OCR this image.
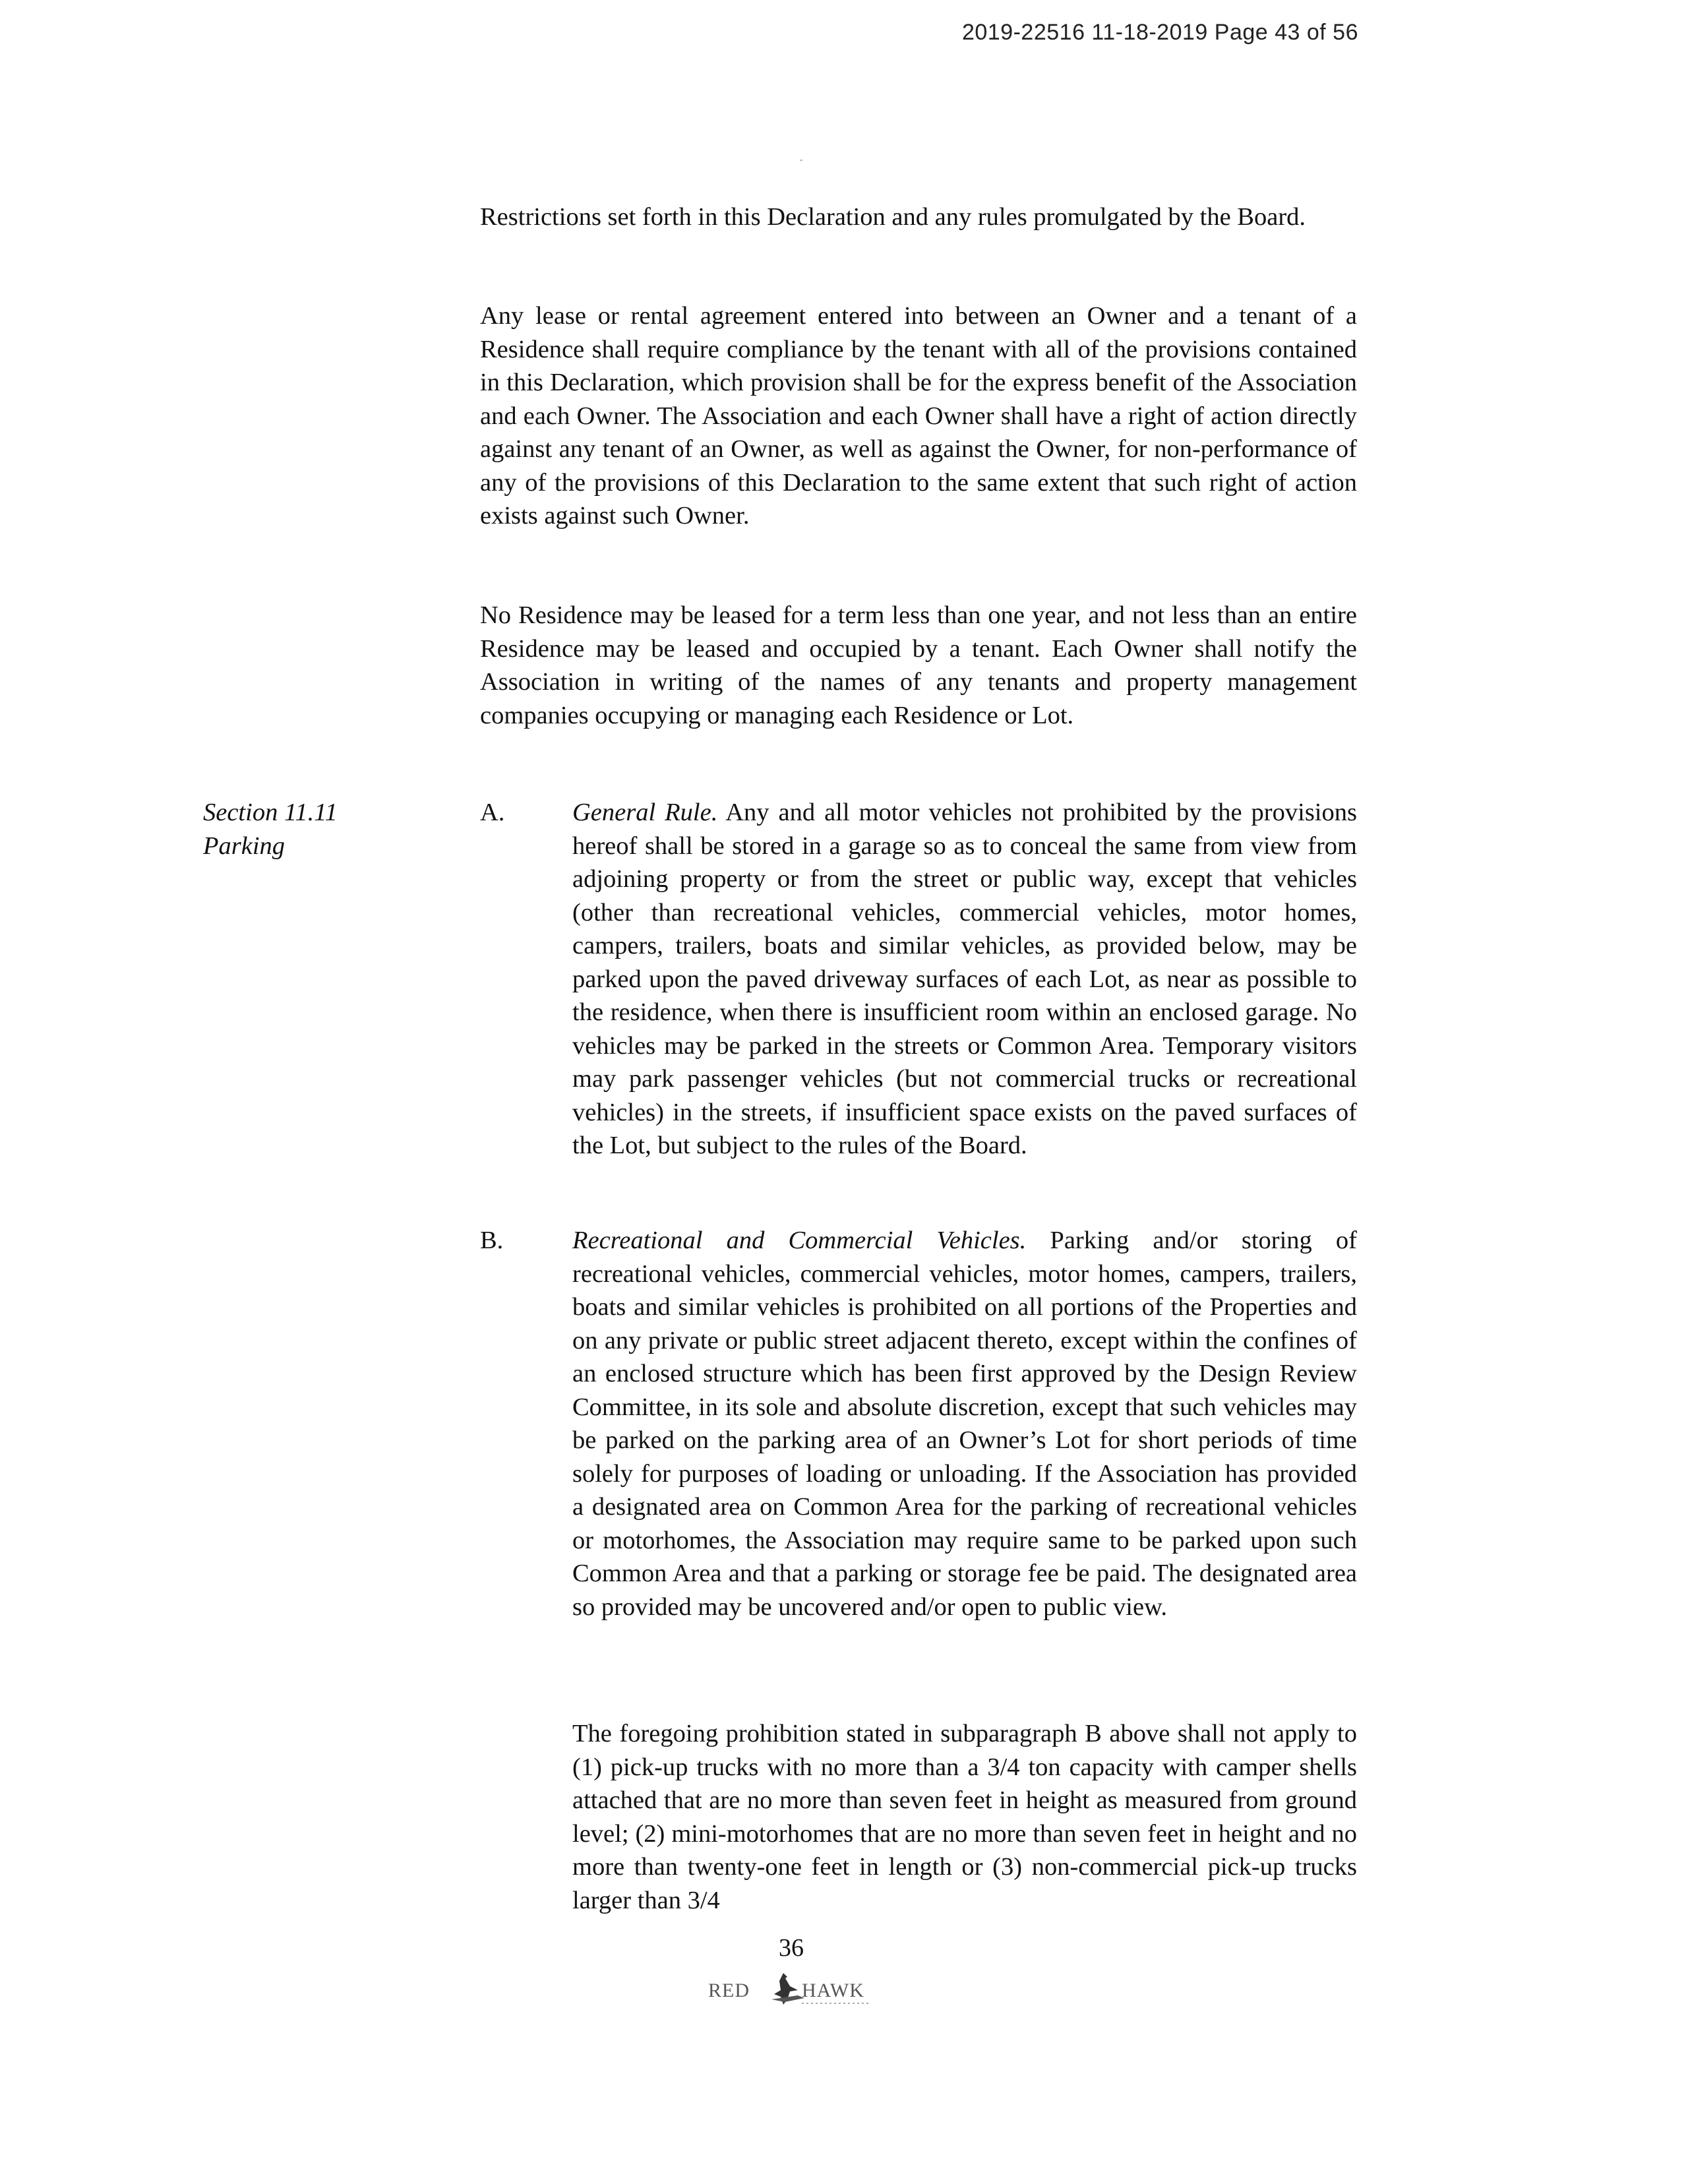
2019-22516 11-18-2019 Page 43 of 56

Restrictions set forth in this Declaration and any rules promulgated by the Board.

Any lease or rental agreement entered into between an Owner and a tenant of a Residence shall require compliance by the tenant with all of the provisions contained in this Declaration, which provision shall be for the express benefit of the Association and each Owner. The Association and each Owner shall have a right of action directly against any tenant of an Owner, as well as against the Owner, for non-performance of any of the provisions of this Declaration to the same extent that such right of action exists against such Owner.

No Residence may be leased for a term less than one year, and not less than an entire Residence may be leased and occupied by a tenant. Each Owner shall notify the Association in writing of the names of any tenants and property management companies occupying or managing each Residence or Lot.

Section 11.11
Parking
A.	General Rule. Any and all motor vehicles not prohibited by the provisions hereof shall be stored in a garage so as to conceal the same from view from adjoining property or from the street or public way, except that vehicles (other than recreational vehicles, commercial vehicles, motor homes, campers, trailers, boats and similar vehicles, as provided below, may be parked upon the paved driveway surfaces of each Lot, as near as possible to the residence, when there is insufficient room within an enclosed garage. No vehicles may be parked in the streets or Common Area. Temporary visitors may park passenger vehicles (but not commercial trucks or recreational vehicles) in the streets, if insufficient space exists on the paved surfaces of the Lot, but subject to the rules of the Board.

B.	Recreational and Commercial Vehicles. Parking and/or storing of recreational vehicles, commercial vehicles, motor homes, campers, trailers, boats and similar vehicles is prohibited on all portions of the Properties and on any private or public street adjacent thereto, except within the confines of an enclosed structure which has been first approved by the Design Review Committee, in its sole and absolute discretion, except that such vehicles may be parked on the parking area of an Owner’s Lot for short periods of time solely for purposes of loading or unloading. If the Association has provided a designated area on Common Area for the parking of recreational vehicles or motorhomes, the Association may require same to be parked upon such Common Area and that a parking or storage fee be paid. The designated area so provided may be uncovered and/or open to public view.

The foregoing prohibition stated in subparagraph B above shall not apply to (1) pick-up trucks with no more than a 3/4 ton capacity with camper shells attached that are no more than seven feet in height as measured from ground level; (2) mini-motorhomes that are no more than seven feet in height and no more than twenty-one feet in length or (3) non-commercial pick-up trucks larger than 3/4

36
RED	HAWK
